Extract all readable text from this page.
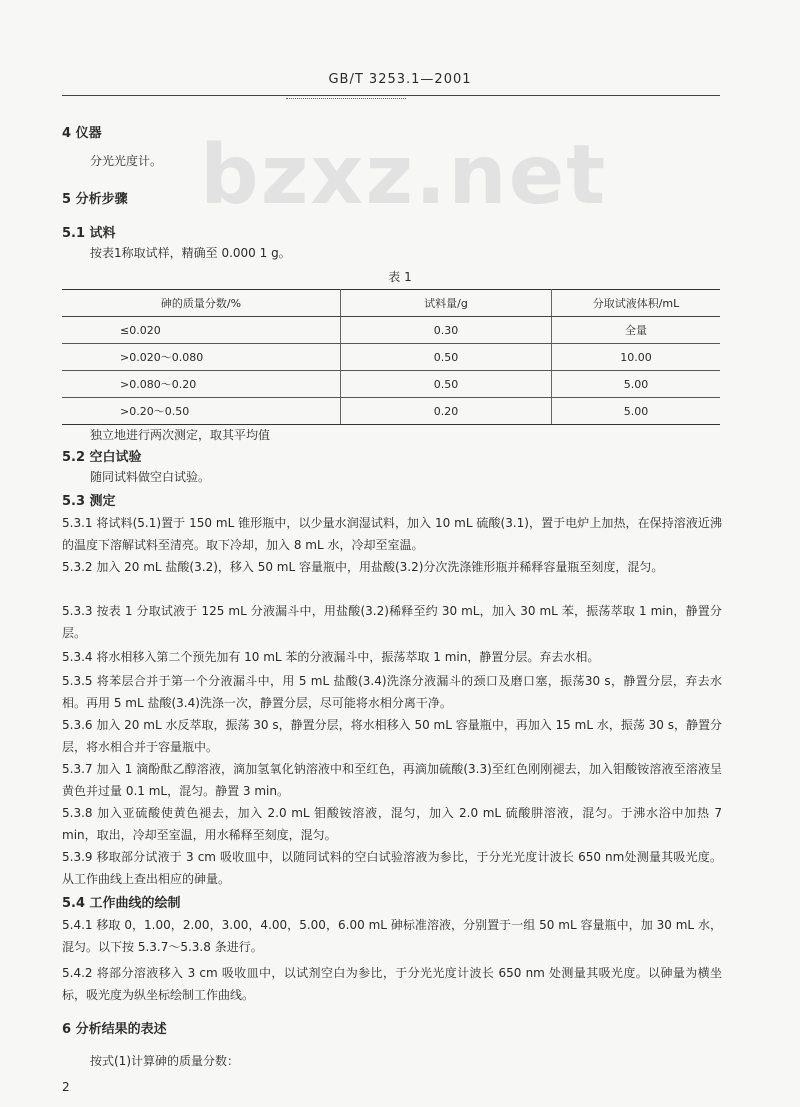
GB/T 3253.1—2001
bzxz.net
4 仪器
分光光度计。
5 分析步骤
5.1 试料
按表1称取试样，精确至 0.000 1 g。
表 1
砷的质量分数/%	试料量/g	分取试液体积/mL
≤0.020	0.30	全量
>0.020～0.080	0.50	10.00
>0.080～0.20	0.50	5.00
>0.20～0.50	0.20	5.00
独立地进行两次测定，取其平均值
5.2 空白试验
随同试料做空白试验。
5.3 测定
5.3.1 将试料(5.1)置于 150 mL 锥形瓶中，以少量水润湿试料，加入 10 mL 硫酸(3.1)，置于电炉上加热，在保持溶液近沸的温度下溶解试料至清亮。取下冷却，加入 8 mL 水，冷却至室温。
5.3.2 加入 20 mL 盐酸(3.2)，移入 50 mL 容量瓶中，用盐酸(3.2)分次洗涤锥形瓶并稀释容量瓶至刻度，混匀。
5.3.3 按表 1 分取试液于 125 mL 分液漏斗中，用盐酸(3.2)稀释至约 30 mL，加入 30 mL 苯，振荡萃取 1 min，静置分层。
5.3.4 将水相移入第二个预先加有 10 mL 苯的分液漏斗中，振荡萃取 1 min，静置分层。弃去水相。
5.3.5 将苯层合并于第一个分液漏斗中，用 5 mL 盐酸(3.4)洗涤分液漏斗的颈口及磨口塞，振荡30 s，静置分层，弃去水相。再用 5 mL 盐酸(3.4)洗涤一次，静置分层，尽可能将水相分离干净。
5.3.6 加入 20 mL 水反萃取，振荡 30 s，静置分层，将水相移入 50 mL 容量瓶中，再加入 15 mL 水，振荡 30 s，静置分层，将水相合并于容量瓶中。
5.3.7 加入 1 滴酚酞乙醇溶液，滴加氢氧化钠溶液中和至红色，再滴加硫酸(3.3)至红色刚刚褪去，加入钼酸铵溶液至溶液呈黄色并过量 0.1 mL，混匀。静置 3 min。
5.3.8 加入亚硫酸使黄色褪去，加入 2.0 mL 钼酸铵溶液，混匀，加入 2.0 mL 硫酸肼溶液，混匀。于沸水浴中加热 7 min，取出，冷却至室温，用水稀释至刻度，混匀。
5.3.9 移取部分试液于 3 cm 吸收皿中，以随同试料的空白试验溶液为参比，于分光光度计波长 650 nm处测量其吸光度。从工作曲线上查出相应的砷量。
5.4 工作曲线的绘制
5.4.1 移取 0，1.00，2.00，3.00，4.00，5.00，6.00 mL 砷标准溶液，分别置于一组 50 mL 容量瓶中，加 30 mL 水，混匀。以下按 5.3.7～5.3.8 条进行。
5.4.2 将部分溶液移入 3 cm 吸收皿中，以试剂空白为参比，于分光光度计波长 650 nm 处测量其吸光度。以砷量为横坐标，吸光度为纵坐标绘制工作曲线。
6 分析结果的表述
按式(1)计算砷的质量分数：
2
